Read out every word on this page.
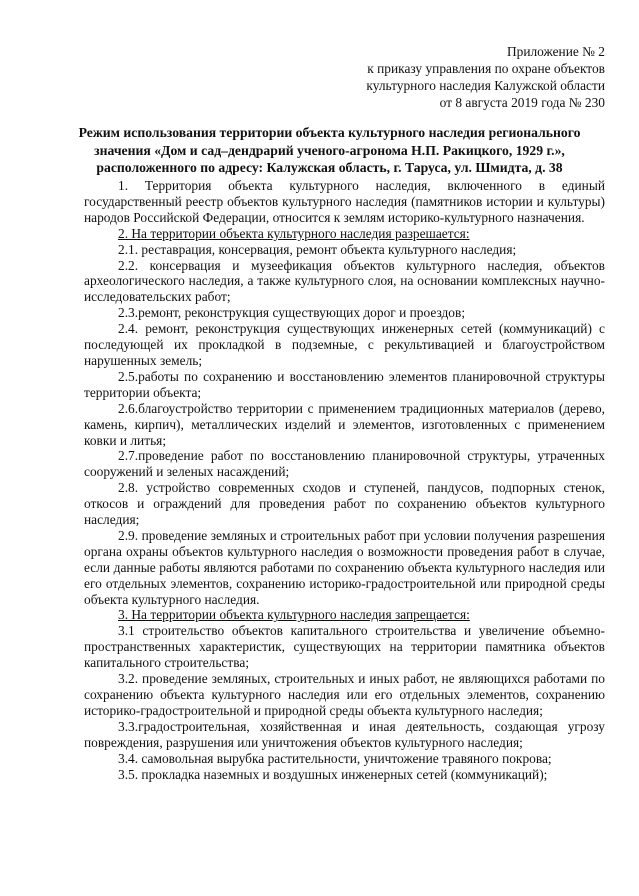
Приложение № 2
к приказу управления по охране объектов
культурного наследия Калужской области
от 8 августа 2019 года № 230
Режим использования территории объекта культурного наследия регионального значения «Дом и сад–дендрарий ученого-агронома Н.П. Ракицкого, 1929 г.», расположенного по адресу: Калужская область, г. Таруса, ул. Шмидта, д. 38

1. Территория объекта культурного наследия, включенного в единый государственный реестр объектов культурного наследия (памятников истории и культуры) народов Российской Федерации, относится к землям историко-культурного назначения.

2. На территории объекта культурного наследия разрешается:

2.1. реставрация, консервация, ремонт объекта культурного наследия;

2.2. консервация и музеефикация объектов культурного наследия, объектов археологического наследия, а также культурного слоя, на основании комплексных научно-исследовательских работ;

2.3.ремонт, реконструкция существующих дорог и проездов;

2.4. ремонт, реконструкция существующих инженерных сетей (коммуникаций) с последующей их прокладкой в подземные, с рекультивацией и благоустройством нарушенных земель;

2.5.работы по сохранению и восстановлению элементов планировочной структуры территории объекта;

2.6.благоустройство территории с применением традиционных материалов (дерево, камень, кирпич), металлических изделий и элементов, изготовленных с применением ковки и литья;

2.7.проведение работ по восстановлению планировочной структуры, утраченных сооружений и зеленых насаждений;

2.8. устройство современных сходов и ступеней, пандусов, подпорных стенок, откосов и ограждений для проведения работ по сохранению объектов культурного наследия;

2.9. проведение земляных и строительных работ при условии получения разрешения органа охраны объектов культурного наследия о возможности проведения работ в случае, если данные работы являются работами по сохранению объекта культурного наследия или его отдельных элементов, сохранению историко-градостроительной или природной среды объекта культурного наследия.

3. На территории объекта культурного наследия запрещается:

3.1 строительство объектов капитального строительства и увеличение объемно-пространственных характеристик, существующих на территории памятника объектов капитального строительства;

3.2. проведение земляных, строительных и иных работ, не являющихся работами по сохранению объекта культурного наследия или его отдельных элементов, сохранению историко-градостроительной и природной среды объекта культурного наследия;

3.3.градостроительная, хозяйственная и иная деятельность, создающая угрозу повреждения, разрушения или уничтожения объектов культурного наследия;

3.4. самовольная вырубка растительности, уничтожение травяного покрова;

3.5. прокладка наземных и воздушных инженерных сетей (коммуникаций);
